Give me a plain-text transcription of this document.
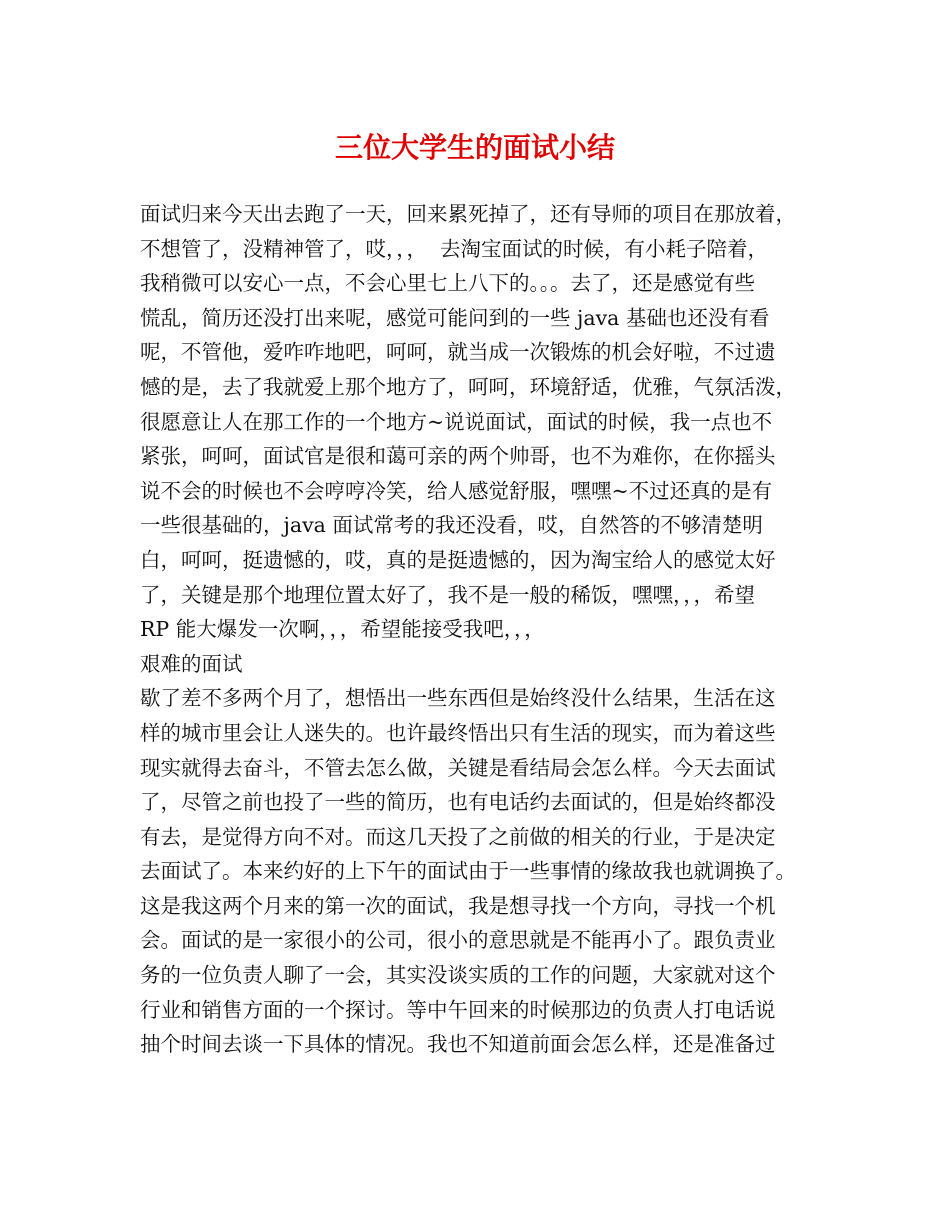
三位大学生的面试小结
面试归来今天出去跑了一天，回来累死掉了，还有导师的项目在那放着，
不想管了，没精神管了，哎，，，  去淘宝面试的时候，有小耗子陪着，
我稍微可以安心一点，不会心里七上八下的。。。去了，还是感觉有些
慌乱，简历还没打出来呢，感觉可能问到的一些 java 基础也还没有看
呢，不管他，爱咋咋地吧，呵呵，就当成一次锻炼的机会好啦，不过遗
憾的是，去了我就爱上那个地方了，呵呵，环境舒适，优雅，气氛活泼，
很愿意让人在那工作的一个地方~说说面试，面试的时候，我一点也不
紧张，呵呵，面试官是很和蔼可亲的两个帅哥，也不为难你，在你摇头
说不会的时候也不会哼哼冷笑，给人感觉舒服，嘿嘿~不过还真的是有
一些很基础的，java 面试常考的我还没看，哎，自然答的不够清楚明
白，呵呵，挺遗憾的，哎，真的是挺遗憾的，因为淘宝给人的感觉太好
了，关键是那个地理位置太好了，我不是一般的稀饭，嘿嘿，，，希望
RP 能大爆发一次啊，，，希望能接受我吧，，，
艰难的面试
歇了差不多两个月了，想悟出一些东西但是始终没什么结果，生活在这
样的城市里会让人迷失的。也许最终悟出只有生活的现实，而为着这些
现实就得去奋斗，不管去怎么做，关键是看结局会怎么样。今天去面试
了，尽管之前也投了一些的简历，也有电话约去面试的，但是始终都没
有去，是觉得方向不对。而这几天投了之前做的相关的行业，于是决定
去面试了。本来约好的上下午的面试由于一些事情的缘故我也就调换了。
这是我这两个月来的第一次的面试，我是想寻找一个方向，寻找一个机
会。面试的是一家很小的公司，很小的意思就是不能再小了。跟负责业
务的一位负责人聊了一会，其实没谈实质的工作的问题，大家就对这个
行业和销售方面的一个探讨。等中午回来的时候那边的负责人打电话说
抽个时间去谈一下具体的情况。我也不知道前面会怎么样，还是准备过
